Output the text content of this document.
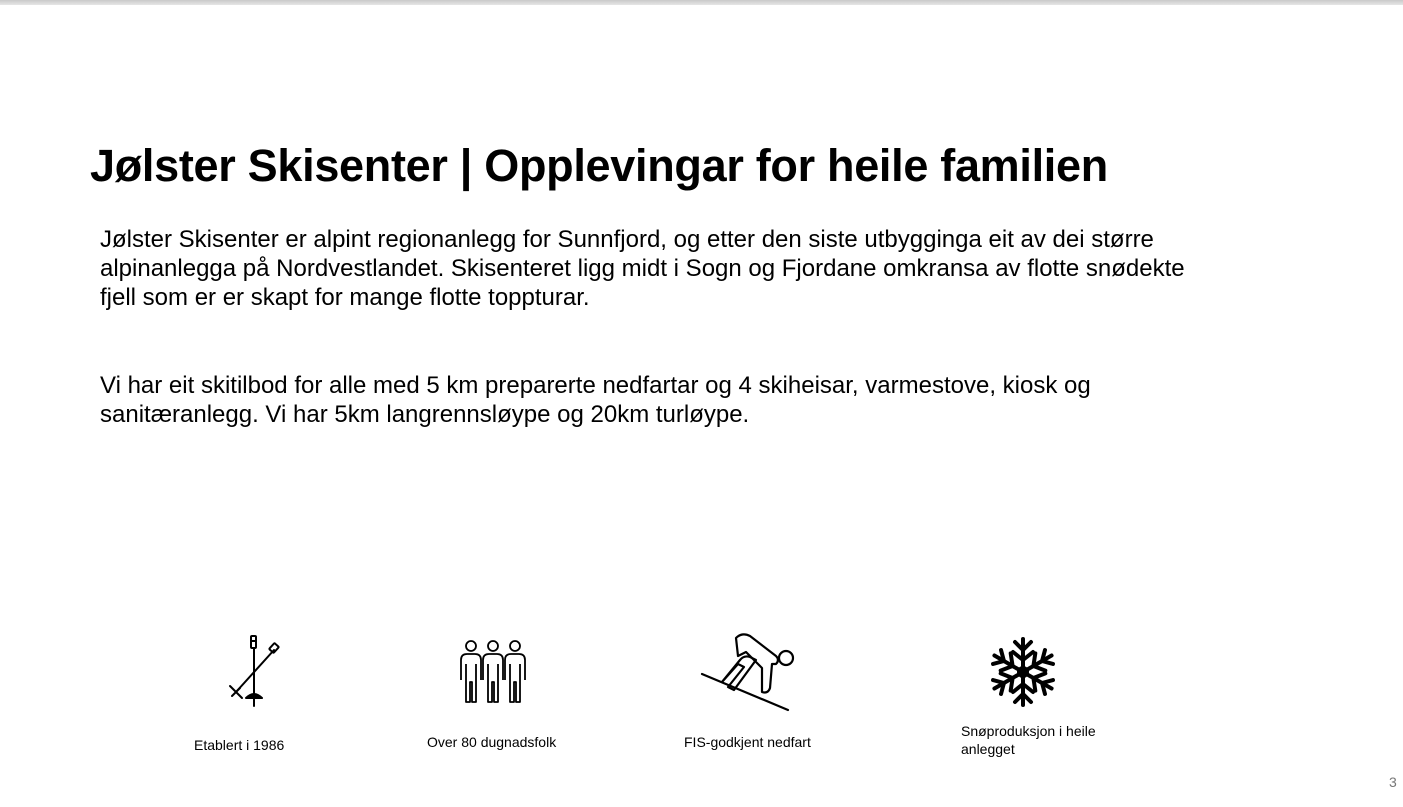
Jølster Skisenter | Opplevingar for heile familien

Jølster Skisenter er alpint regionanlegg for Sunnfjord, og etter den siste utbygginga eit av dei større
alpinanlegga på Nordvestlandet. Skisenteret ligg midt i Sogn og Fjordane omkransa av flotte snødekte
fjell som er er skapt for mange flotte toppturar.

Vi har eit skitilbod for alle med 5 km preparerte nedfartar og 4 skiheisar, varmestove, kiosk og
sanitæranlegg. Vi har 5km langrennsløype og 20km turløype.

Etablert i 1986	Over 80 dugnadsfolk	FIS-godkjent nedfart

Snøproduksjon i heile
anlegget

3
